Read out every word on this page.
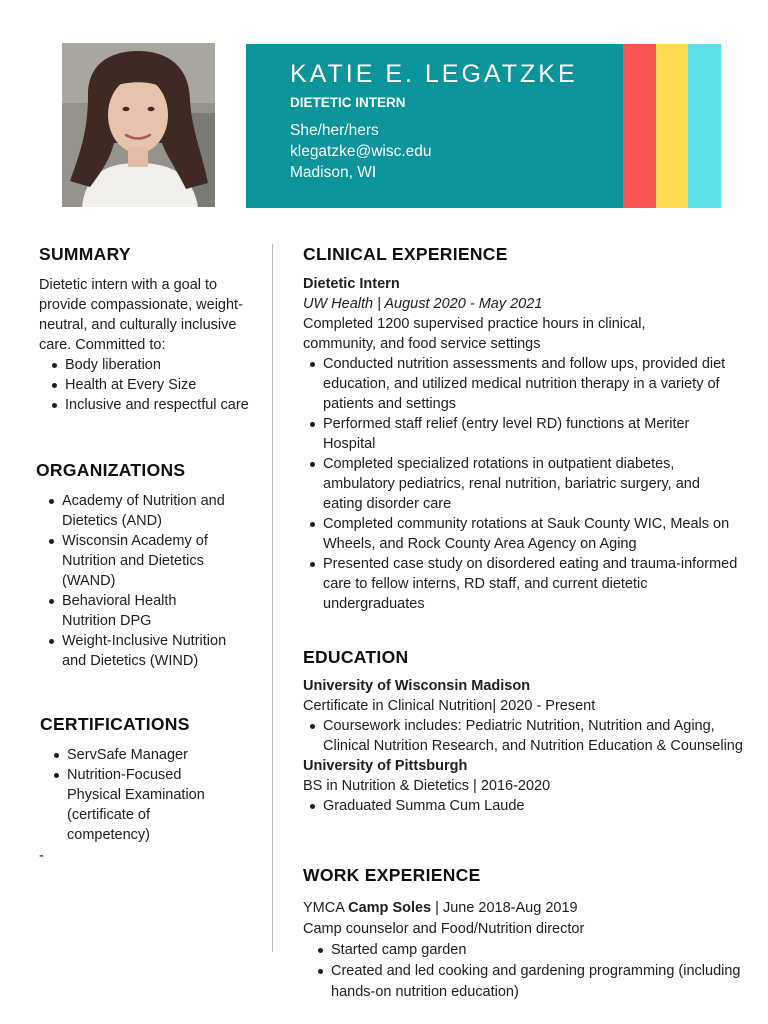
KATIE E. LEGATZKE
DIETETIC INTERN
She/her/hers
klegatzke@wisc.edu
Madison, WI
SUMMARY

Dietetic intern with a goal to provide compassionate, weight-neutral, and culturally inclusive care. Committed to:

Body liberation
Health at Every Size
Inclusive and respectful care
ORGANIZATIONS
Academy of Nutrition and Dietetics (AND)
Wisconsin Academy of Nutrition and Dietetics (WAND)
Behavioral Health Nutrition DPG
Weight-Inclusive Nutrition and Dietetics (WIND)
CERTIFICATIONS
ServSafe Manager
Nutrition-Focused Physical Examination (certificate of competency)
-
CLINICAL EXPERIENCE

Dietetic Intern

UW Health | August 2020 - May 2021

Completed 1200 supervised practice hours in clinical, community, and food service settings

Conducted nutrition assessments and follow ups, provided diet education, and utilized medical nutrition therapy in a variety of patients and settings
Performed staff relief (entry level RD) functions at Meriter Hospital
Completed specialized rotations in outpatient diabetes, ambulatory pediatrics, renal nutrition, bariatric surgery, and eating disorder care
Completed community rotations at Sauk County WIC, Meals on Wheels, and Rock County Area Agency on Aging
Presented case study on disordered eating and trauma-informed care to fellow interns, RD staff, and current dietetic undergraduates
EDUCATION

University of Wisconsin Madison

Certificate in Clinical Nutrition| 2020 - Present

Coursework includes: Pediatric Nutrition, Nutrition and Aging, Clinical Nutrition Research, and Nutrition Education & Counseling

University of Pittsburgh

BS in Nutrition & Dietetics | 2016-2020

Graduated Summa Cum Laude
WORK EXPERIENCE

YMCA Camp Soles | June 2018-Aug 2019

Camp counselor and Food/Nutrition director

Started camp garden
Created and led cooking and gardening programming (including hands-on nutrition education)
